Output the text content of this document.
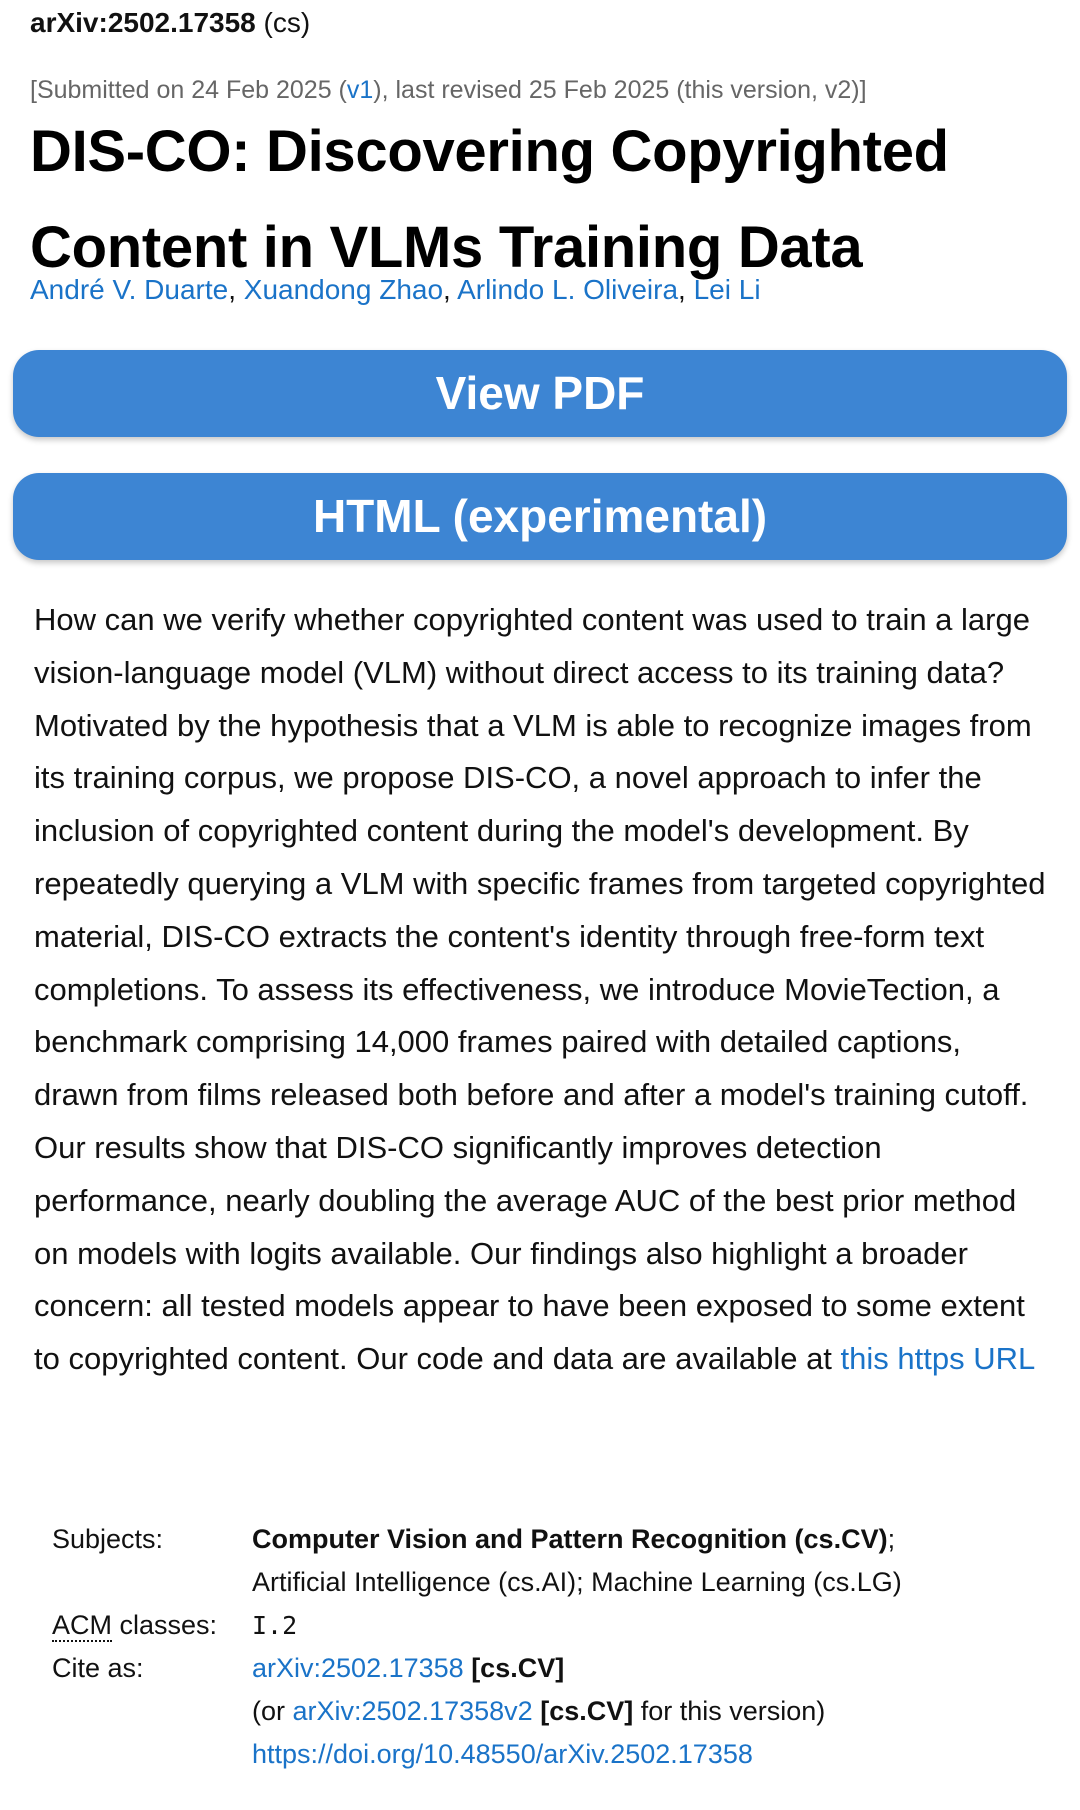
arXiv:2502.17358 (cs)
[Submitted on 24 Feb 2025 (v1), last revised 25 Feb 2025 (this version, v2)]
DIS-CO: Discovering Copyrighted Content in VLMs Training Data
André V. Duarte, Xuandong Zhao, Arlindo L. Oliveira, Lei Li
View PDF
HTML (experimental)

How can we verify whether copyrighted content was used to train a large vision-language model (VLM) without direct access to its training data? Motivated by the hypothesis that a VLM is able to recognize images from its training corpus, we propose DIS-CO, a novel approach to infer the inclusion of copyrighted content during the model's development. By repeatedly querying a VLM with specific frames from targeted copyrighted material, DIS-CO extracts the content's identity through free-form text completions. To assess its effectiveness, we introduce MovieTection, a benchmark comprising 14,000 frames paired with detailed captions, drawn from films released both before and after a model's training cutoff. Our results show that DIS-CO significantly improves detection performance, nearly doubling the average AUC of the best prior method on models with logits available. Our findings also highlight a broader concern: all tested models appear to have been exposed to some extent to copyrighted content. Our code and data are available at this https URL

Subjects:	Computer Vision and Pattern Recognition (cs.CV);
Artificial Intelligence (cs.AI); Machine Learning (cs.LG)
ACM classes:	I.2
Cite as:	arXiv:2502.17358 [cs.CV]
(or arXiv:2502.17358v2 [cs.CV] for this version)
https://doi.org/10.48550/arXiv.2502.17358
